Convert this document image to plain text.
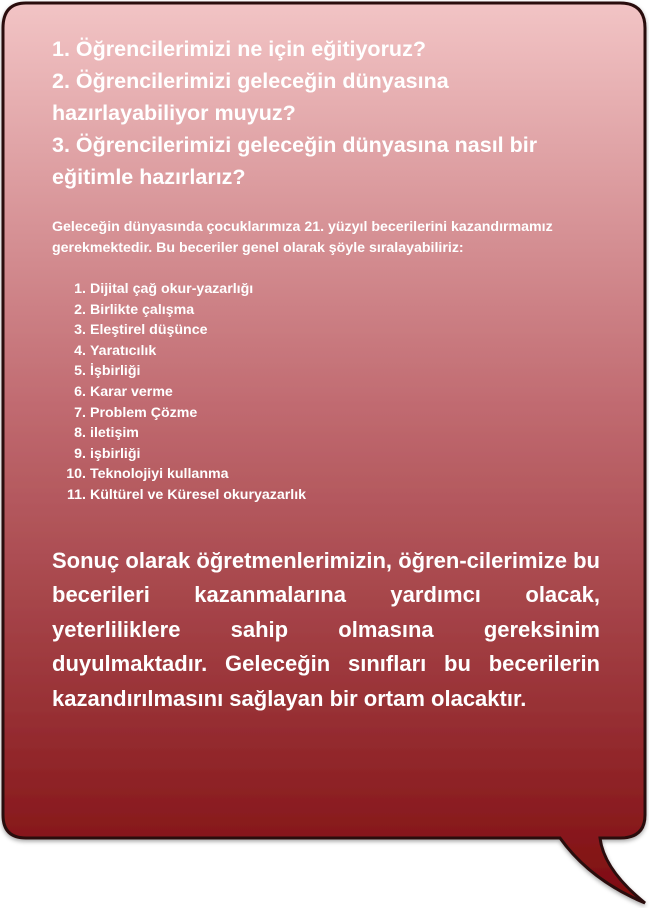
1. Öğrencilerimizi ne için eğitiyoruz?

2. Öğrencilerimizi geleceğin dünyasına hazırlayabiliyor muyuz?

3. Öğrencilerimizi geleceğin dünyasına nasıl bir eğitimle hazırlarız?

Geleceğin dünyasında çocuklarımıza 21. yüzyıl becerilerini kazandırmamız gerekmektedir. Bu beceriler genel olarak şöyle sıralayabiliriz:

1. Dijital çağ okur-yazarlığı
2. Birlikte çalışma
3. Eleştirel düşünce
4. Yaratıcılık
5. İşbirliği
6. Karar verme
7. Problem Çözme
8. iletişim
9. işbirliği
10. Teknolojiyi kullanma
11. Kültürel ve Küresel okuryazarlık

Sonuç olarak öğretmenlerimizin, öğren-cilerimize bu becerileri kazanmalarına yardımcı olacak, yeterliliklere sahip olmasına gereksinim duyulmaktadır. Geleceğin sınıfları bu becerilerin kazandırılmasını sağlayan bir ortam olacaktır.
